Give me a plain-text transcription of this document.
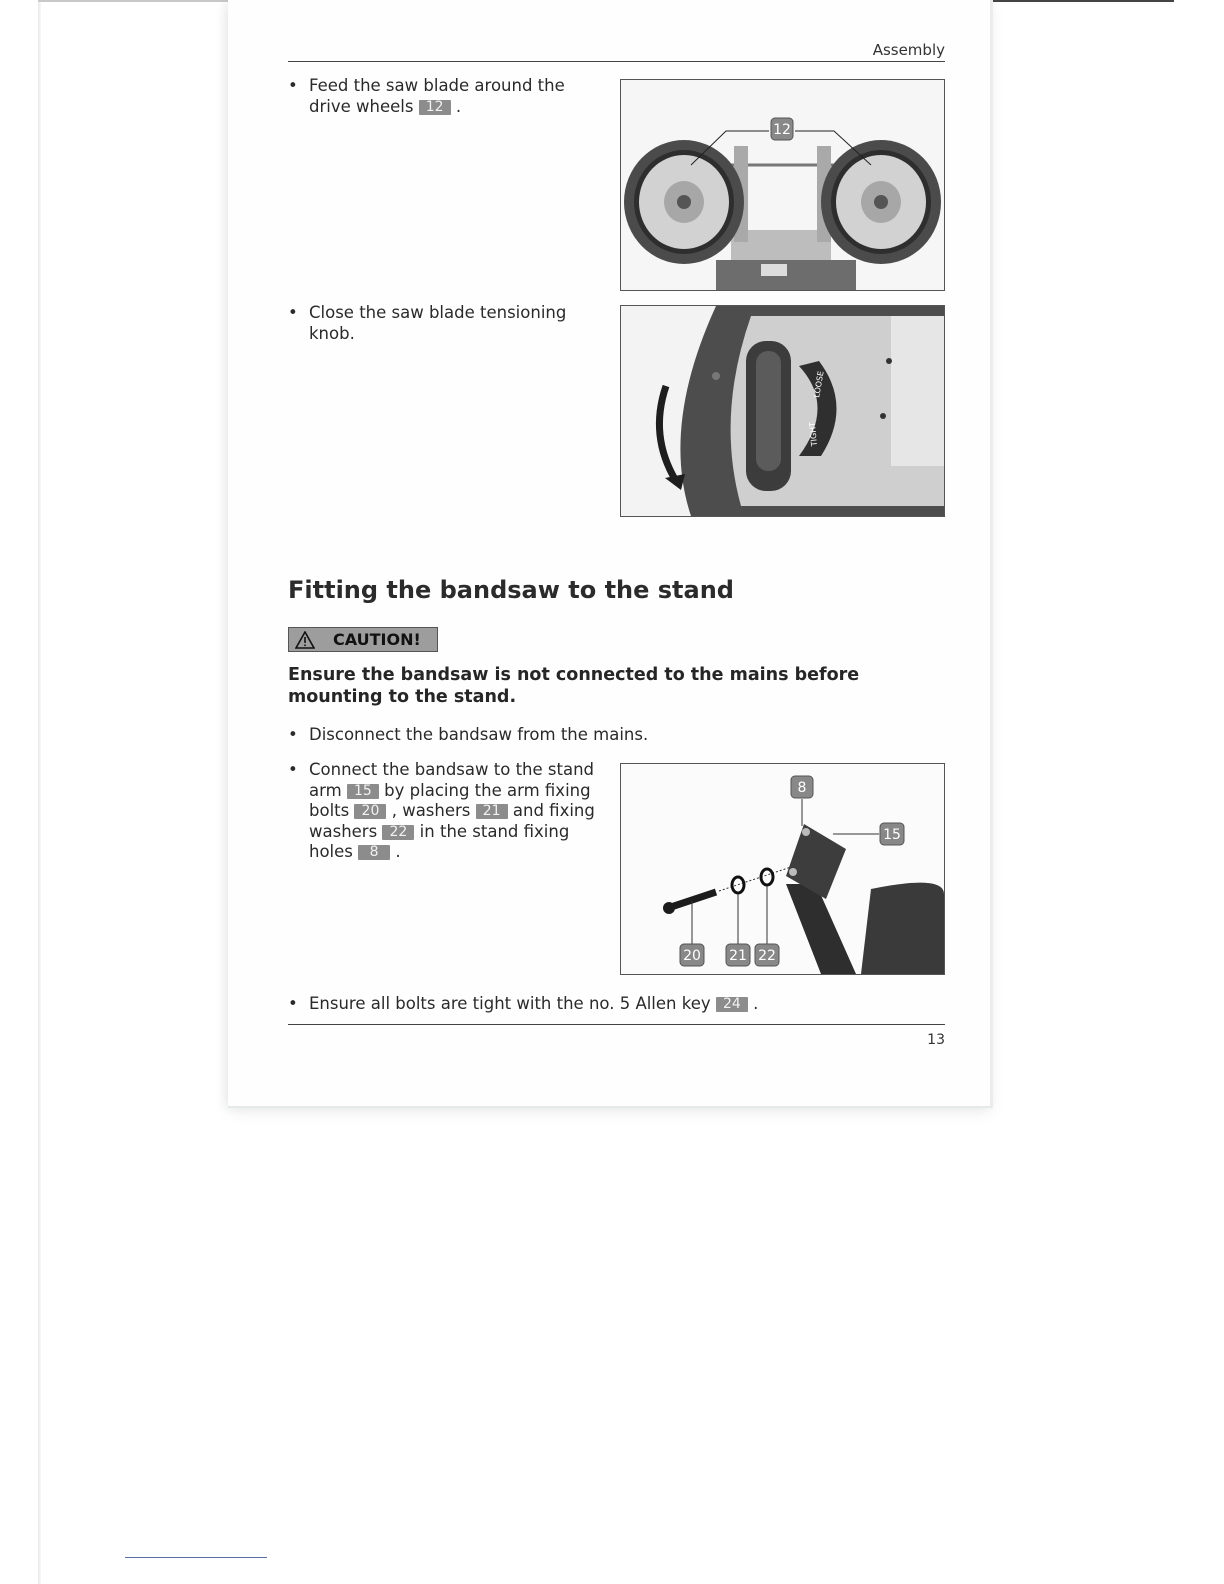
Assembly
• Feed the saw blade around the drive wheels 12 .
12
• Close the saw blade tensioning knob.
LOOSE
TIGHT
Fitting the bandsaw to the stand
CAUTION!
Ensure the bandsaw is not connected to the mains before mounting to the stand.
• Disconnect the bandsaw from the mains.
• Connect the bandsaw to the stand arm 15 by placing the arm fixing bolts 20 , washers 21 and fixing washers 22 in the stand fixing holes 8 .
8
15
20 21 22
• Ensure all bolts are tight with the no. 5 Allen key 24 .
13
